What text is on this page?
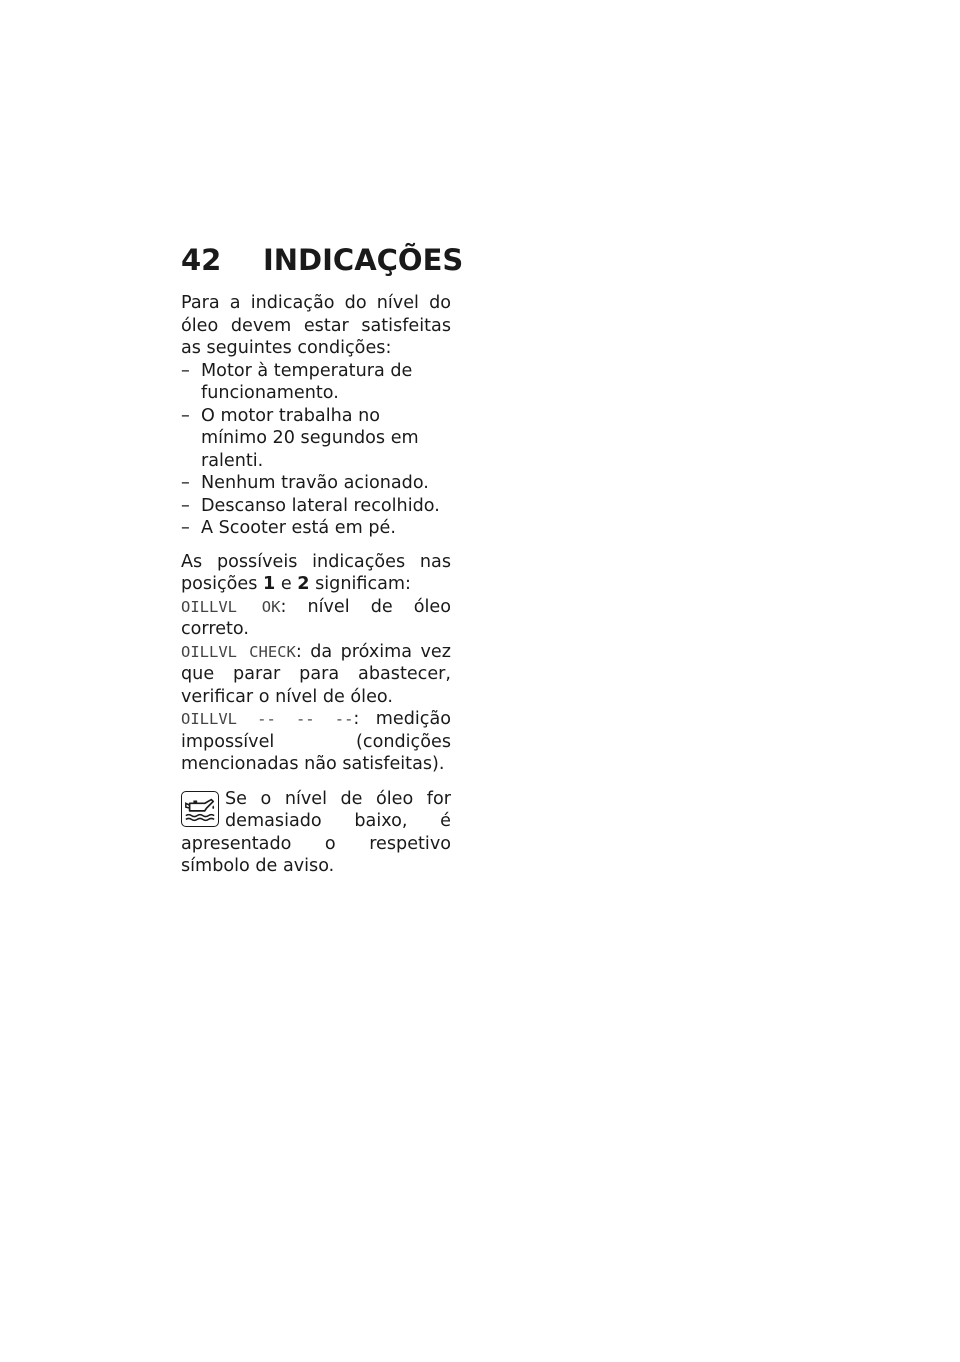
42 INDICAÇÕES

Para a indicação do nível do óleo devem estar satisfeitas as seguintes condições:

– Motor à temperatura de funcionamento.
– O motor trabalha no mínimo 20 segundos em ralenti.
– Nenhum travão acionado.
– Descanso lateral recolhido.
– A Scooter está em pé.

As possíveis indicações nas posições 1 e 2 significam:

OILLVL OK: nível de óleo correto.

OILLVL CHECK: da próxima vez que parar para abastecer, verificar o nível de óleo.

OILLVL -- -- --: medição impossível (condições mencionadas não satisfeitas).

Se o nível de óleo for demasiado baixo, é apresentado o respetivo símbolo de aviso.
